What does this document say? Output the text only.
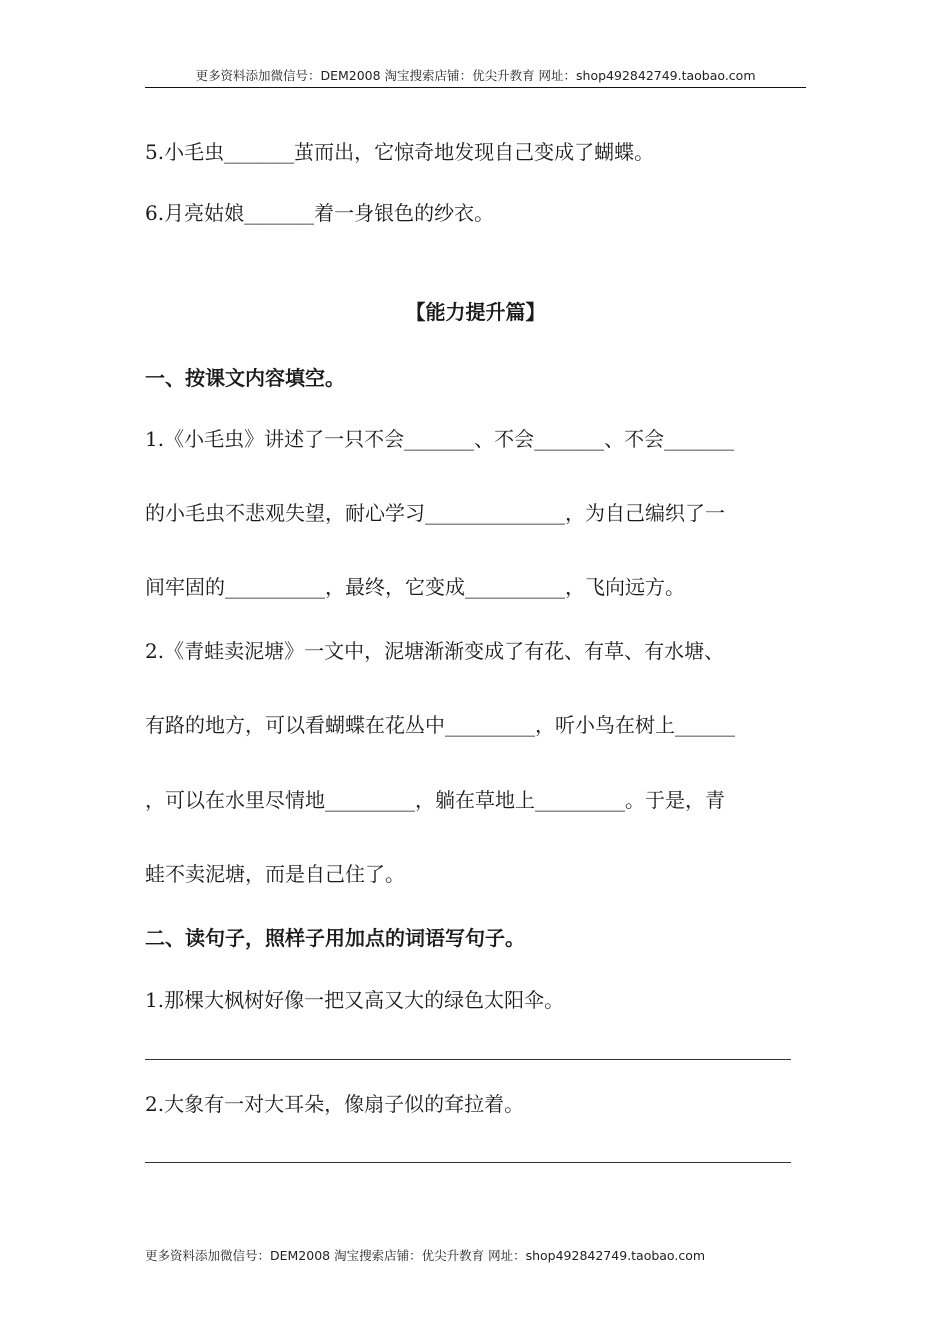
更多资料添加微信号：DEM2008 淘宝搜索店铺：优尖升教育 网址：shop492842749.taobao.com
5.小毛虫_______茧而出，它惊奇地发现自己变成了蝴蝶。
6.月亮姑娘_______着一身银色的纱衣。
【能力提升篇】
一、按课文内容填空。
1.《小毛虫》讲述了一只不会_______、不会_______、不会_______
的小毛虫不悲观失望，耐心学习______________，为自己编织了一
间牢固的__________，最终，它变成__________，飞向远方。
2.《青蛙卖泥塘》一文中，泥塘渐渐变成了有花、有草、有水塘、
有路的地方，可以看蝴蝶在花丛中_________，听小鸟在树上______
，可以在水里尽情地_________，躺在草地上_________。于是，青
蛙不卖泥塘，而是自己住了。
二、读句子，照样子用加点的词语写句子。
1.那棵大枫树好像一把又高又大的绿色太阳伞。
2.大象有一对大耳朵，像扇子似的耷拉着。
更多资料添加微信号：DEM2008 淘宝搜索店铺：优尖升教育 网址：shop492842749.taobao.com
